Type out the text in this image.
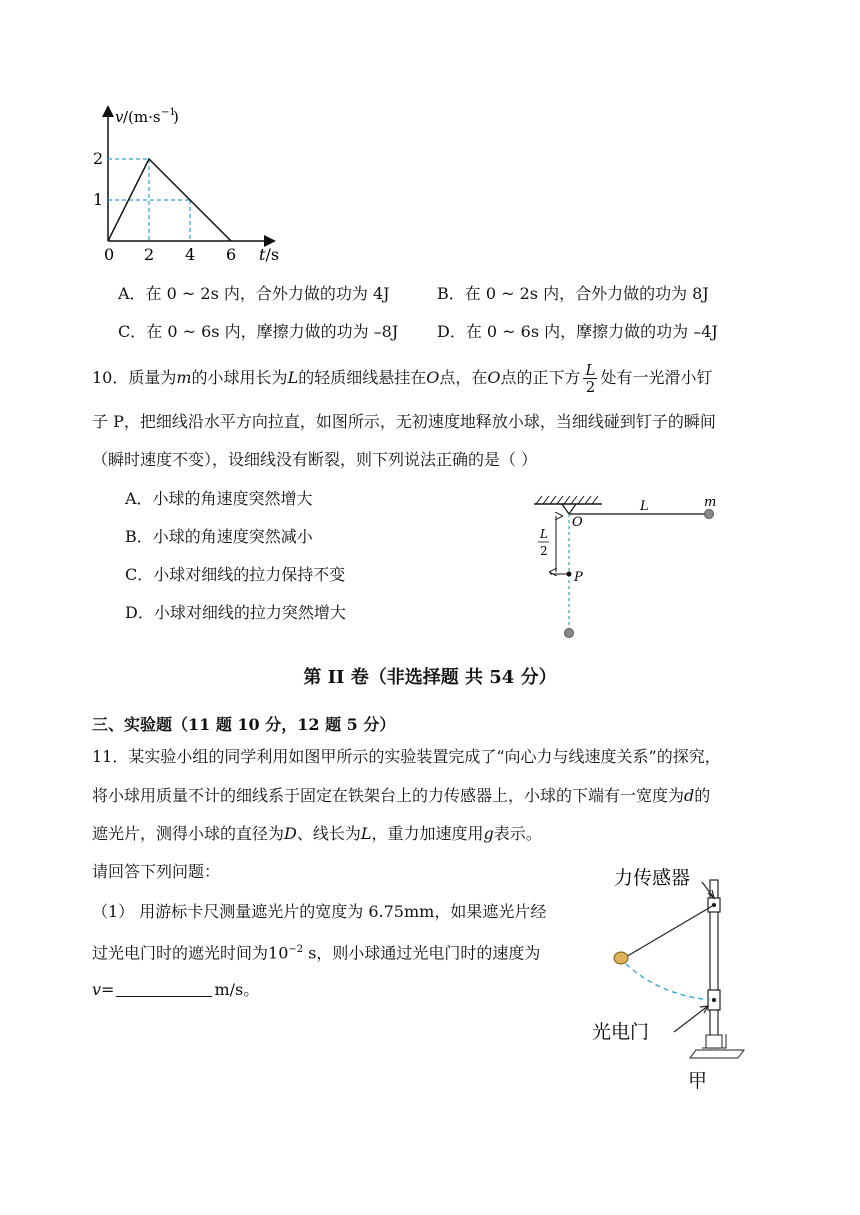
v /(m·s −1
)
2
1
0 2 4 6 t/s
A．在 0 ~ 2s 内，合外力做的功为 4J	B．在 0 ~ 2s 内，合外力做的功为 8J
C．在 0 ~ 6s 内，摩擦力做的功为 –8J D．在 0 ~ 6s 内，摩擦力做的功为 –4J
10．质量为m的小球用长为L的轻质细线悬挂在O点，在O点的正下方 $\frac{L}{2}$ 处有一光滑小钉
子 P，把细线沿水平方向拉直，如图所示，无初速度地释放小球，当细线碰到钉子的瞬间
（瞬时速度不变），设细线没有断裂，则下列说法正确的是（ ）
A．小球的角速度突然增大
B．小球的角速度突然减小
C．小球对细线的拉力保持不变
D．小球对细线的拉力突然增大
L
2
O
L	m
P
第 II 卷（非选择题 共 54 分）
三、实验题（11 题 10 分，12 题 5 分）
11．某实验小组的同学利用如图甲所示的实验装置完成了“向心力与线速度关系”的探究，
将小球用质量不计的细线系于固定在铁架台上的力传感器上，小球的下端有一宽度为d的
遮光片，测得小球的直径为D、线长为L，重力加速度用g表示。
请回答下列问题：
（1） 用游标卡尺测量遮光片的宽度为 6.75mm，如果遮光片经
过光电门时的遮光时间为$10^{-2}$ s，则小球通过光电门时的速度为
v=	m/s。
力传感器
光电门
甲
